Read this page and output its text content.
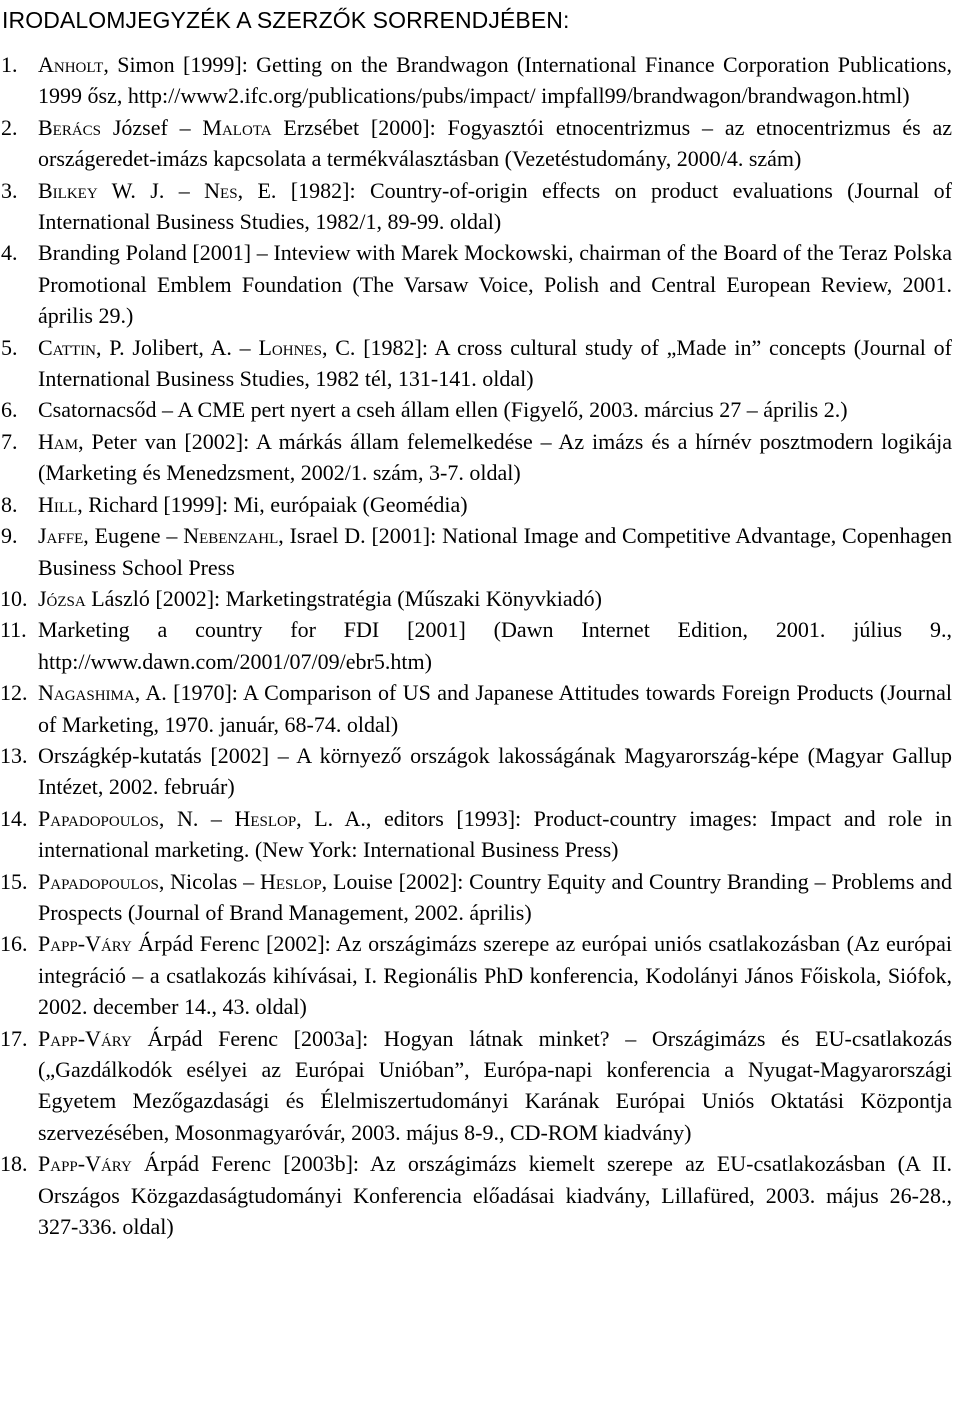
IRODALOMJEGYZÉK A SZERZŐK SORRENDJÉBEN:
1. Anholt, Simon [1999]: Getting on the Brandwagon (International Finance Corporation Publications, 1999 ősz, http://www2.ifc.org/publications/pubs/impact/ impfall99/brandwagon/brandwagon.html)
2. Berács József – Malota Erzsébet [2000]: Fogyasztói etnocentrizmus – az etnocentrizmus és az országeredet-imázs kapcsolata a termékválasztásban (Vezetéstudomány, 2000/4. szám)
3. Bilkey W. J. – Nes, E. [1982]: Country-of-origin effects on product evaluations (Journal of International Business Studies, 1982/1, 89-99. oldal)
4. Branding Poland [2001] – Inteview with Marek Mockowski, chairman of the Board of the Teraz Polska Promotional Emblem Foundation (The Varsaw Voice, Polish and Central European Review, 2001. április 29.)
5. Cattin, P. Jolibert, A. – Lohnes, C. [1982]: A cross cultural study of „Made in” concepts (Journal of International Business Studies, 1982 tél, 131-141. oldal)
6. Csatornacsőd – A CME pert nyert a cseh állam ellen (Figyelő, 2003. március 27 – április 2.)
7. Ham, Peter van [2002]: A márkás állam felemelkedése – Az imázs és a hírnév posztmodern logikája (Marketing és Menedzsment, 2002/1. szám, 3-7. oldal)
8. Hill, Richard [1999]: Mi, európaiak (Geomédia)
9. Jaffe, Eugene – Nebenzahl, Israel D. [2001]: National Image and Competitive Advantage, Copenhagen Business School Press
10. Józsa László [2002]: Marketingstratégia (Műszaki Könyvkiadó)
11. Marketing a country for FDI [2001] (Dawn Internet Edition, 2001. július 9., http://www.dawn.com/2001/07/09/ebr5.htm)
12. Nagashima, A. [1970]: A Comparison of US and Japanese Attitudes towards Foreign Products (Journal of Marketing, 1970. január, 68-74. oldal)
13. Országkép-kutatás [2002] – A környező országok lakosságának Magyarország-képe (Magyar Gallup Intézet, 2002. február)
14. Papadopoulos, N. – Heslop, L. A., editors [1993]: Product-country images: Impact and role in international marketing. (New York: International Business Press)
15. Papadopoulos, Nicolas – Heslop, Louise [2002]: Country Equity and Country Branding – Problems and Prospects (Journal of Brand Management, 2002. április)
16. Papp-Váry Árpád Ferenc [2002]: Az országimázs szerepe az európai uniós csatlakozásban (Az európai integráció – a csatlakozás kihívásai, I. Regionális PhD konferencia, Kodolányi János Főiskola, Siófok, 2002. december 14., 43. oldal)
17. Papp-Váry Árpád Ferenc [2003a]: Hogyan látnak minket? – Országimázs és EU-csatlakozás („Gazdálkodók esélyei az Európai Unióban”, Európa-napi konferencia a Nyugat-Magyarországi Egyetem Mezőgazdasági és Élelmiszertudományi Karának Európai Uniós Oktatási Központja szervezésében, Mosonmagyaróvár, 2003. május 8-9., CD-ROM kiadvány)
18. Papp-Váry Árpád Ferenc [2003b]: Az országimázs kiemelt szerepe az EU-csatlakozásban (A II. Országos Közgazdaságtudományi Konferencia előadásai kiadvány, Lillafüred, 2003. május 26-28., 327-336. oldal)
